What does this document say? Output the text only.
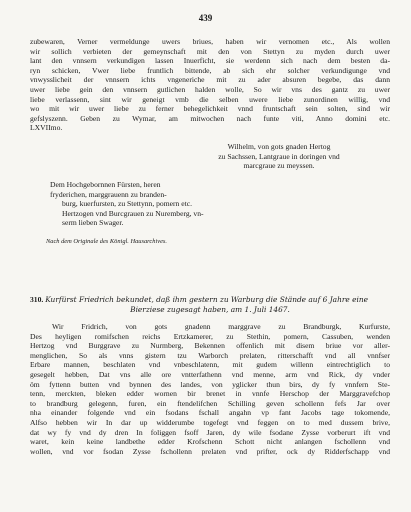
439
zubewaren, Verner vermeldunge uwers briues, haben wir vernomen etc., Als wollen
wir sollich verbieten der gemeynschaft mit den von Stettyn zu myden durch uwer
lant den vnnsern verkundigen lassen Inuerficht, sie werdenn sich nach dem besten da-
ryn schicken, Vwer liebe fruntlich bittende, ab sich ehr solcher verkundigunge vnd
vnwysslicheit der vnnsern ichts vngeneriche mit zu ader absuren begebe, das dann
uwer liebe gein den vnnsern gutlichen halden wolle, So wir vns des gantz zu uwer
liebe verlassenn, sint wir geneigt vmb die selben uwere liebe zunordinen willig, vnd
wo mit wir uwer liebe zu ferner behegelichkeit vnnd fruntschaft sein solten, sind wir
gefslyszenn. Geben zu Wymar, am mitwochen nach funte viti, Anno domini etc.
LXVIImo.
Wilhelm, von gots gnaden Hertog
zu Sachssen, Lantgraue in doringen vnd
marcgraue zu meyssen.
Dem Hochgebornnen Fürsten, heren
fryderichen, marggrauenn zu branden-
burg, kuerfursten, zu Stettynn, pomern etc.
Hertzogen vnd Burcgrauen zu Nuremberg, vn-
serm lieben Swager.
Nach dem Originale des Königl. Hausarchives.
310. Kurfürst Friedrich bekundet, daß ihm gestern zu Warburg die Stände auf 6 Jahre eine
Bierziese zugesagt haben, am 1. Juli 1467.
Wir Fridrich, von gots gnadenn marggrave zu Brandburgk, Kurfurste,
Des heyligen romifschen reichs Ertzkamerer, zu Stethin, pomern, Cassuben, wenden
Hertzog vnd Burggrave zu Nurmberg, Bekennen offenlich mit disem briue vor aller-
menglichen, So als vnns gistern tzu Warborch prelaten, ritterschafft vnd all vnnfser
Erbare mannen, beschlaten vnd vnbeschlatenn, mit gudem willenn eintrechtiglich to
gesegelt hebben, Dat vns alle ore vntterfathenn vnd menne, arm vnd Rick, dy vnder
öm fyttenn butten vnd bynnen des landes, von yglicker thun birs, dy fy vnnfern Ste-
tenn, merckten, bleken edder wornen bir brenet in vnnfe Herschop der Marggravefchop
to brandburg gelegenn, furen, ein ftendelifchen Schilling geven schollenn fefs Jar over
nha einander folgende vnd ein fsodans fschall angahn vp fant Jacobs tage tokomende,
Alfso hebben wir In dar up widderumbe togefegt vnd feggen on to med dussem brive,
dat wy fy vnd dy dren In foliggen fsoff Jaren, dy wile fsodane Zysse vorberurt ift vnd
waret, kein keine landbethe edder Krofschenn Schott nicht anlangen fschollenn vnd
wollen, vnd vor fsodan Zysse fschollenn prelaten vnd prifter, ock dy Ridderfschapp vnd
